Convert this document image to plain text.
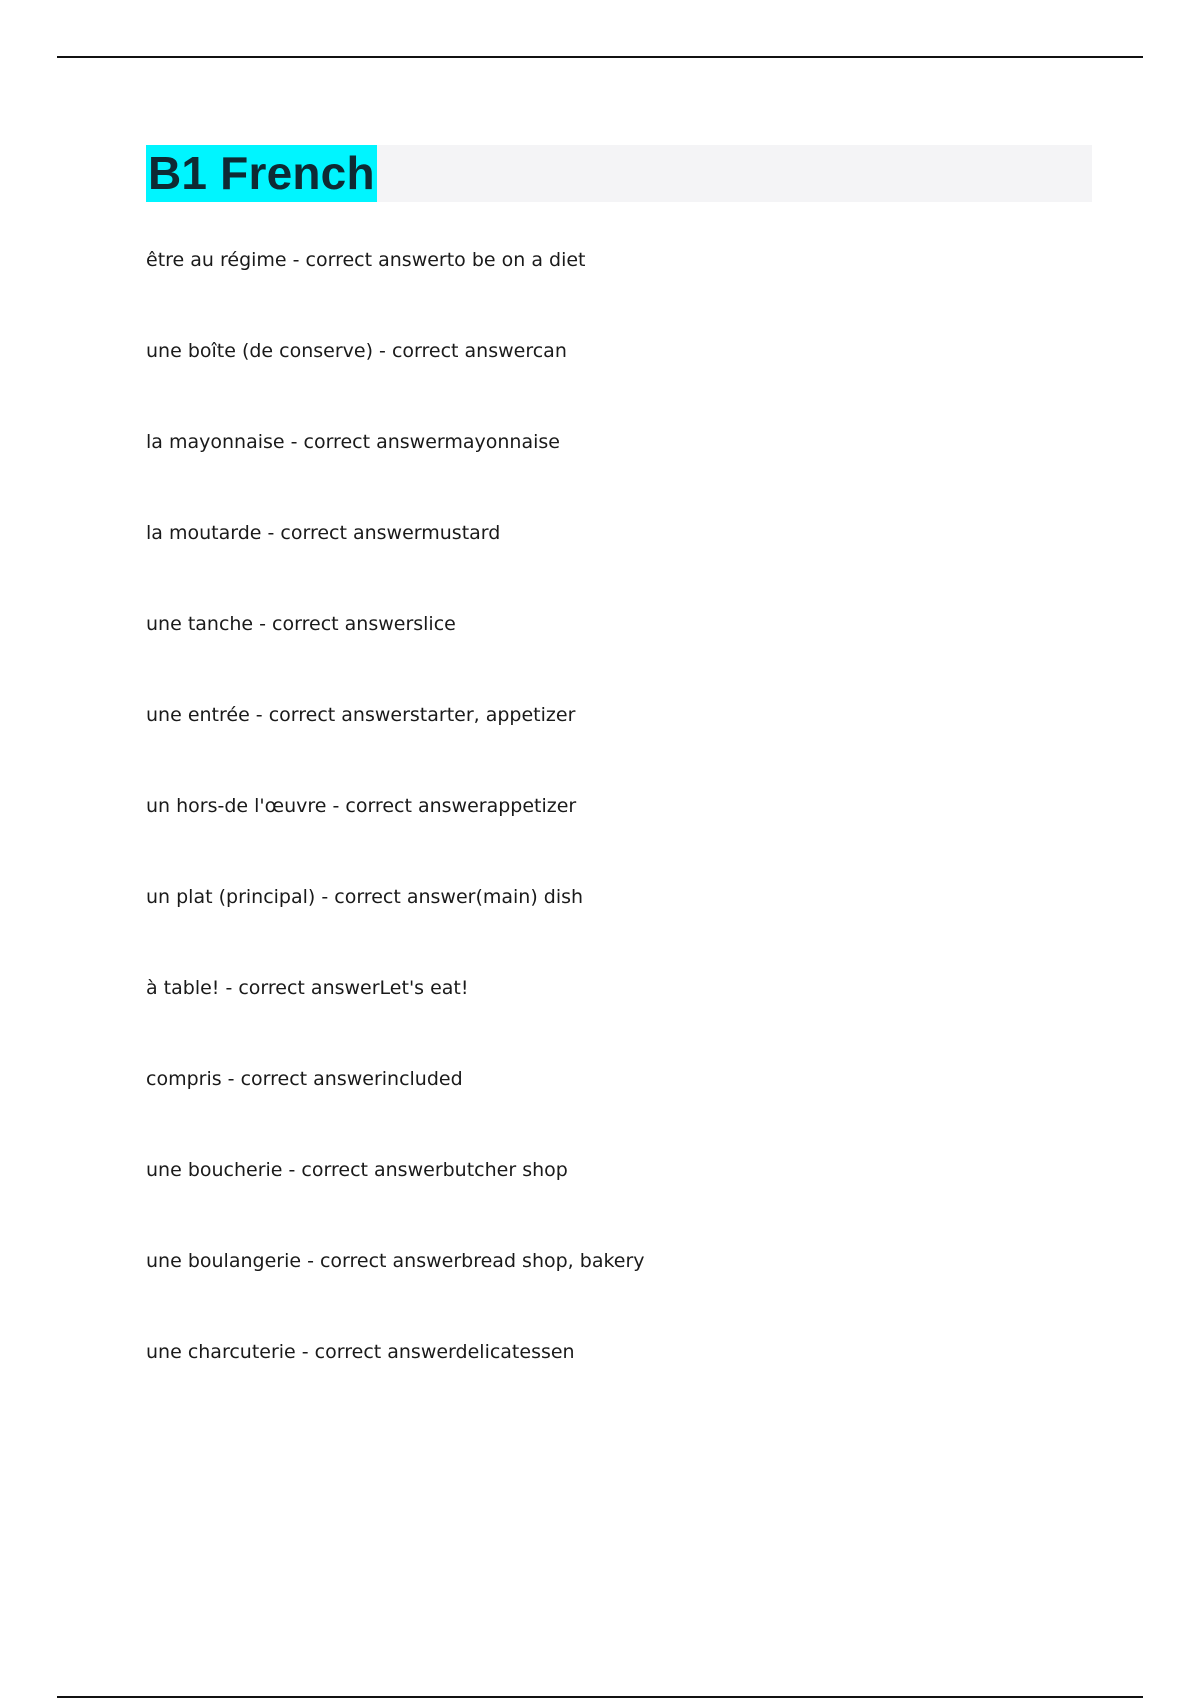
B1 French
être au régime - correct answerto be on a diet
une boîte (de conserve) - correct answercan
la mayonnaise - correct answermayonnaise
la moutarde - correct answermustard
une tanche - correct answerslice
une entrée - correct answerstarter, appetizer
un hors-de l'œuvre - correct answerappetizer
un plat (principal) - correct answer(main) dish
à table! - correct answerLet's eat!
compris - correct answerincluded
une boucherie - correct answerbutcher shop
une boulangerie - correct answerbread shop, bakery
une charcuterie - correct answerdelicatessen
